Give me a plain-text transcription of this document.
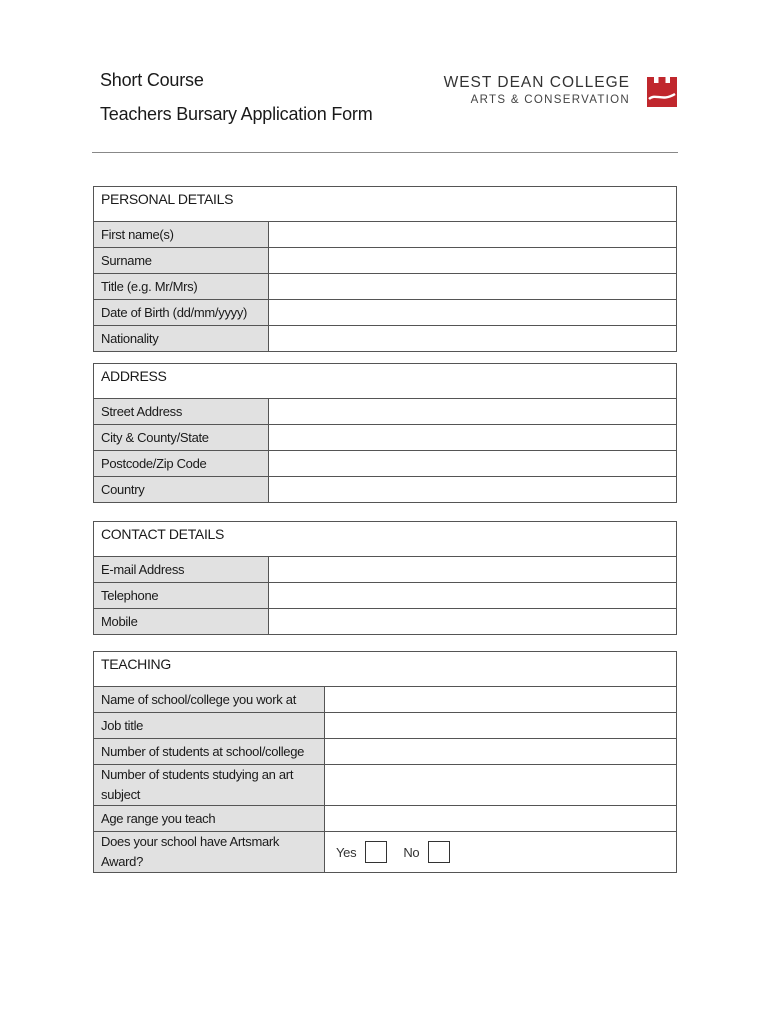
Short Course
Teachers Bursary Application Form
WEST DEAN COLLEGE
ARTS & CONSERVATION
PERSONAL DETAILS	
First name(s)	
Surname	
Title (e.g. Mr/Mrs)	
Date of Birth (dd/mm/yyyy)	
Nationality	
ADDRESS	
Street Address	
City & County/State	
Postcode/Zip Code	
Country	
CONTACT DETAILS	
E-mail Address	
Telephone	
Mobile	
TEACHING	
Name of school/college you work at	
Job title	
Number of students at school/college	
Number of students studying an art subject	
Age range you teach	
Does your school have Artsmark Award?	Yes No
